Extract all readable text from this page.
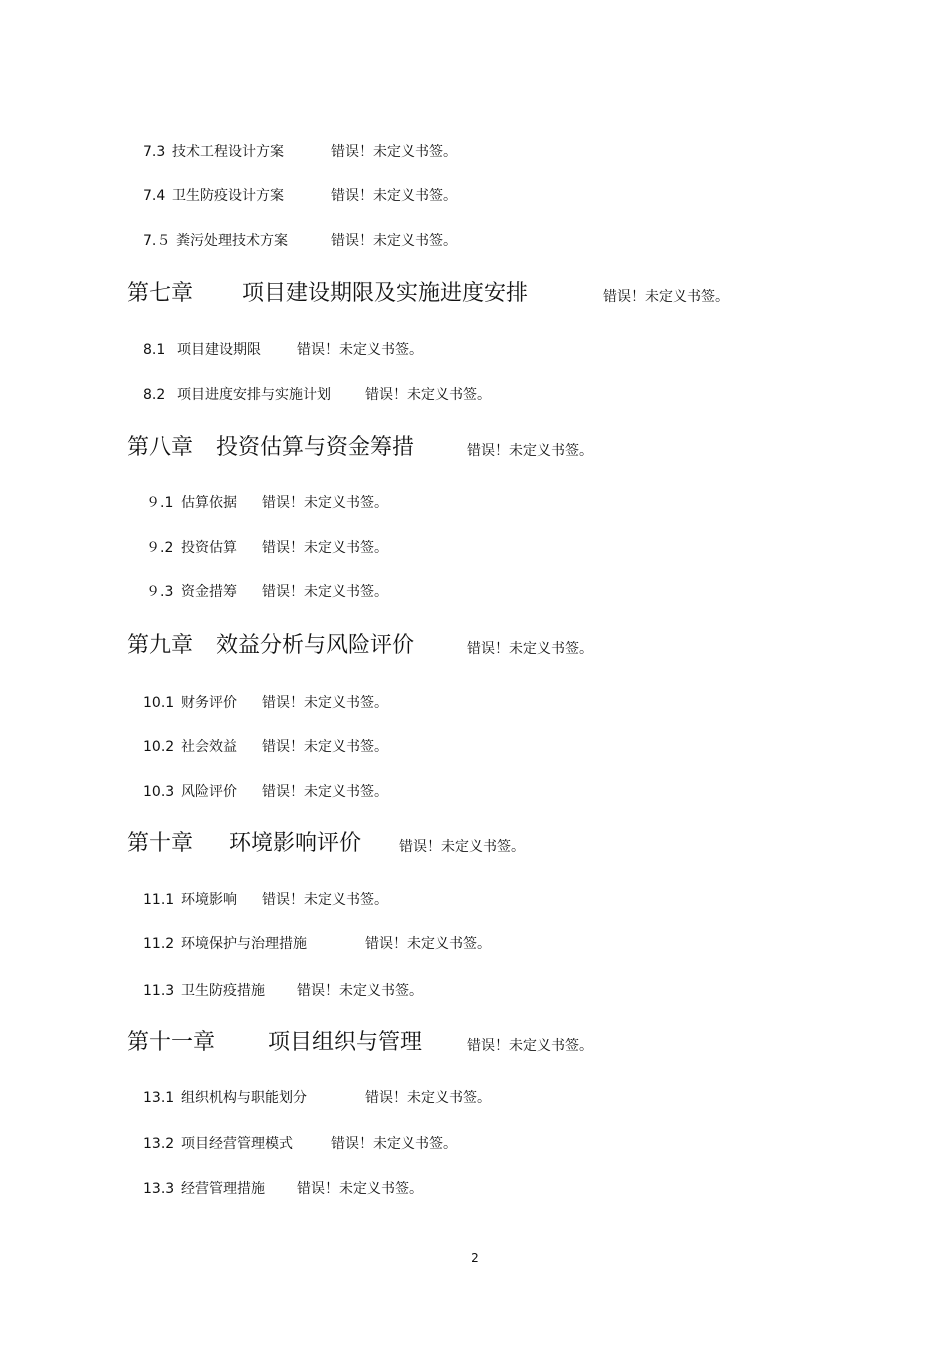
7.3 技术工程设计方案	错误！未定义书签。
7.4 卫生防疫设计方案	错误！未定义书签。
7.５ 粪污处理技术方案	错误！未定义书签。
第七章 项目建设期限及实施进度安排	错误！未定义书签。
8.1 项目建设期限	错误！未定义书签。
8.2 项目进度安排与实施计划 错误！未定义书签。
第八章 投资估算与资金筹措	错误！未定义书签。
９.1 估算依据 错误！未定义书签。
９.2 投资估算 错误！未定义书签。
９.3 资金措筹 错误！未定义书签。
第九章 效益分析与风险评价	错误！未定义书签。
10.1 财务评价 错误！未定义书签。
10.2 社会效益 错误！未定义书签。
10.3 风险评价 错误！未定义书签。
第十章 环境影响评价	错误！未定义书签。
11.1 环境影响 错误！未定义书签。
11.2 环境保护与治理措施	错误！未定义书签。
11.3 卫生防疫措施 错误！未定义书签。
第十一章 项目组织与管理	错误！未定义书签。
13.1 组织机构与职能划分	错误！未定义书签。
13.2 项目经营管理模式	错误！未定义书签。
13.3 经营管理措施 错误！未定义书签。
2
